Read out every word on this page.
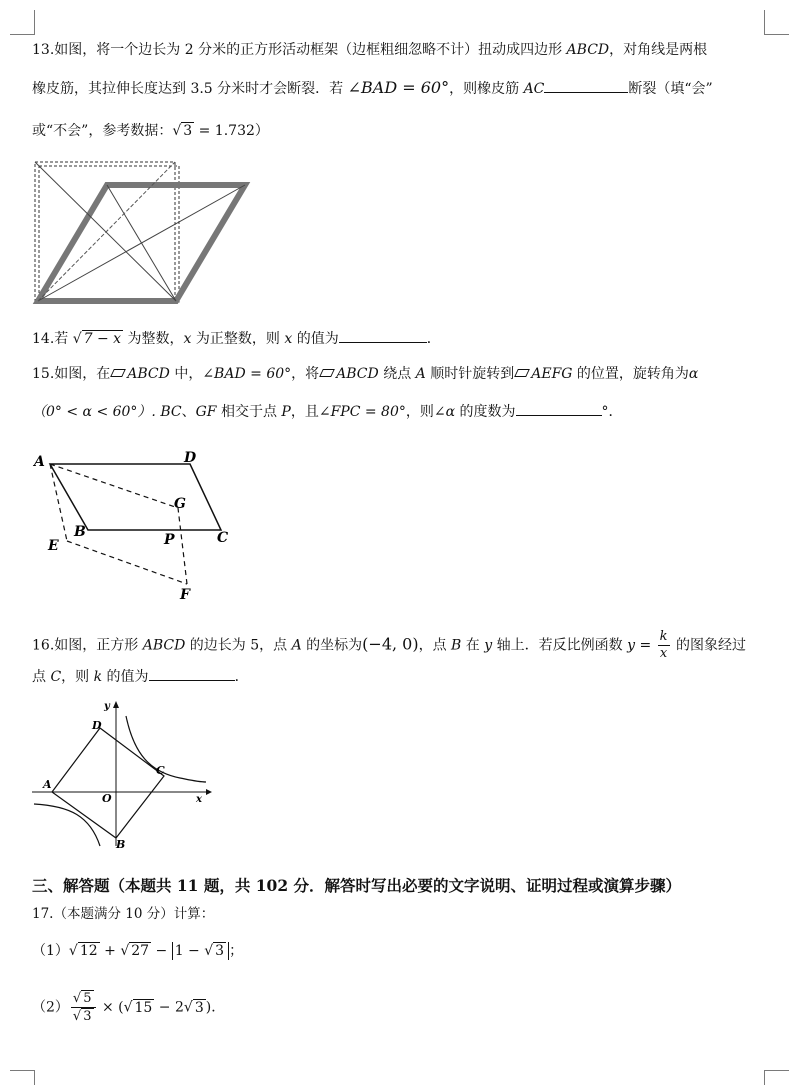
13.如图，将一个边长为 2 分米的正方形活动框架（边框粗细忽略不计）扭动成四边形 ABCD，对角线是两根
橡皮筋，其拉伸长度达到 3.5 分米时才会断裂．若 ∠BAD = 60°，则橡皮筋 AC	断裂（填“会”
或“不会”，参考数据：√ 3 = 1.732）
14.若 √ 7 − x 为整数，x 为正整数，则 x 的值为	．
15.如图，在 ABCD 中，∠BAD = 60°，将 ABCD 绕点 A 顺时针旋转到 AEFG 的位置，旋转角为α
（0° < α < 60°）. BC、GF 相交于点 P，且∠FPC = 80°，则∠α 的度数为	°．
A	D
G
B	P	C
E
F
16.如图，正方形 ABCD 的边长为 5，点 A 的坐标为(−4, 0)，点 B 在 y 轴上．若反比例函数 $y = \frac{k}{x}$ 的图象经过
点 C，则 k 的值为	．
y
x
D
C
A
O
B
三、解答题（本题共 11 题，共 102 分．解答时写出必要的文字说明、证明过程或演算步骤）
17.（本题满分 10 分）计算：
（1）√ 12 + √ 27 − 1 − √ 3 ；
$(2) \frac{√ 5}{√ 3}$ × (√ 15 − 2√ 3 )．
